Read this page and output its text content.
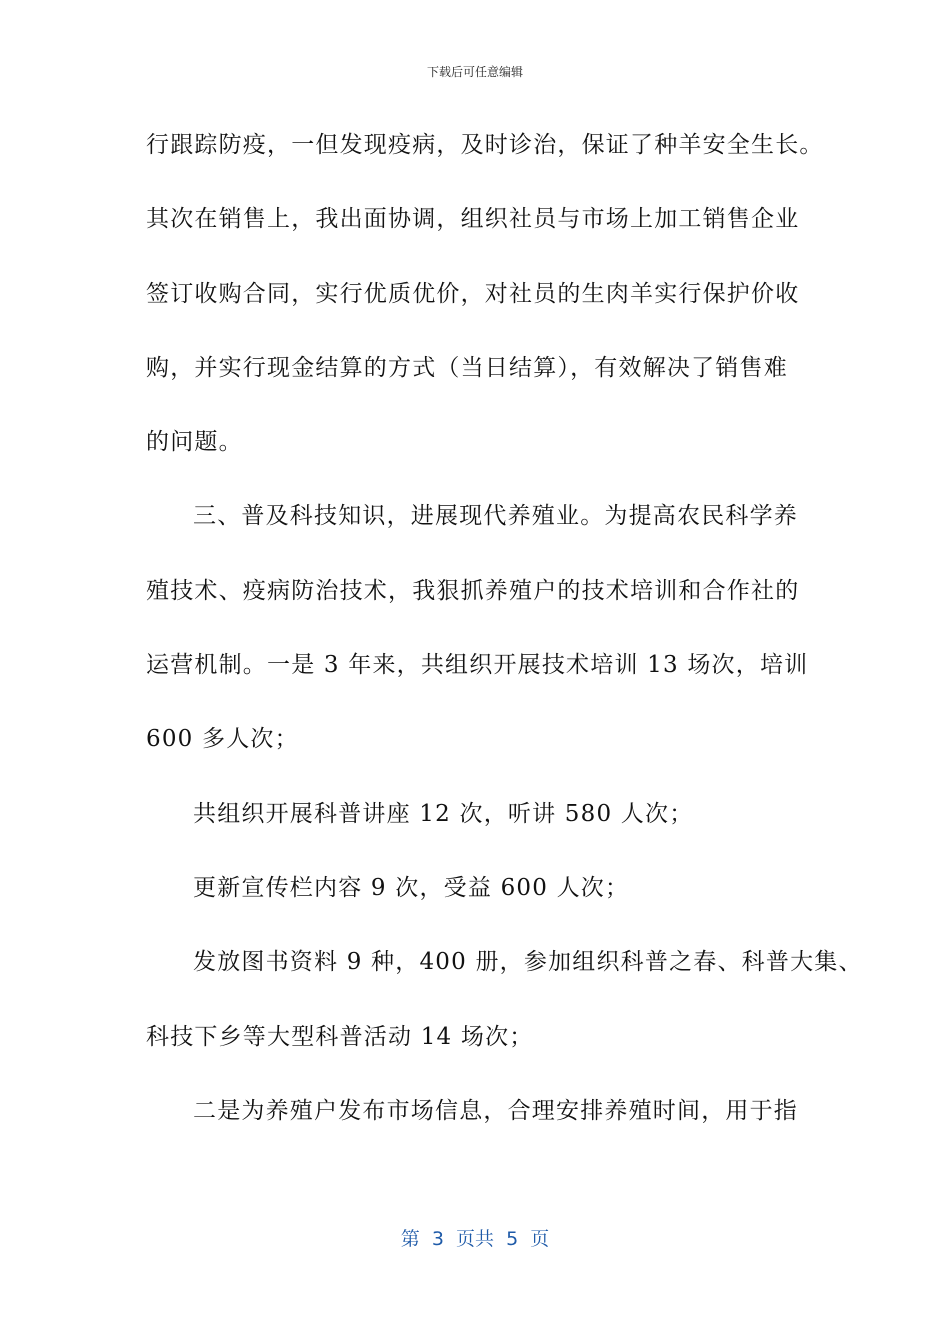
下载后可任意编辑
行跟踪防疫，一但发现疫病，及时诊治，保证了种羊安全生长。
其次在销售上，我出面协调，组织社员与市场上加工销售企业
签订收购合同，实行优质优价，对社员的生肉羊实行保护价收
购，并实行现金结算的方式（当日结算），有效解决了销售难
的问题。
三、普及科技知识，进展现代养殖业。为提高农民科学养
殖技术、疫病防治技术，我狠抓养殖户的技术培训和合作社的
运营机制。一是 3 年来，共组织开展技术培训 13 场次，培训
600 多人次；
共组织开展科普讲座 12 次，听讲 580 人次；
更新宣传栏内容 9 次，受益 600 人次；
发放图书资料 9 种，400 册，参加组织科普之春、科普大集、
科技下乡等大型科普活动 14 场次；
二是为养殖户发布市场信息，合理安排养殖时间，用于指
第  3  页共  5  页
